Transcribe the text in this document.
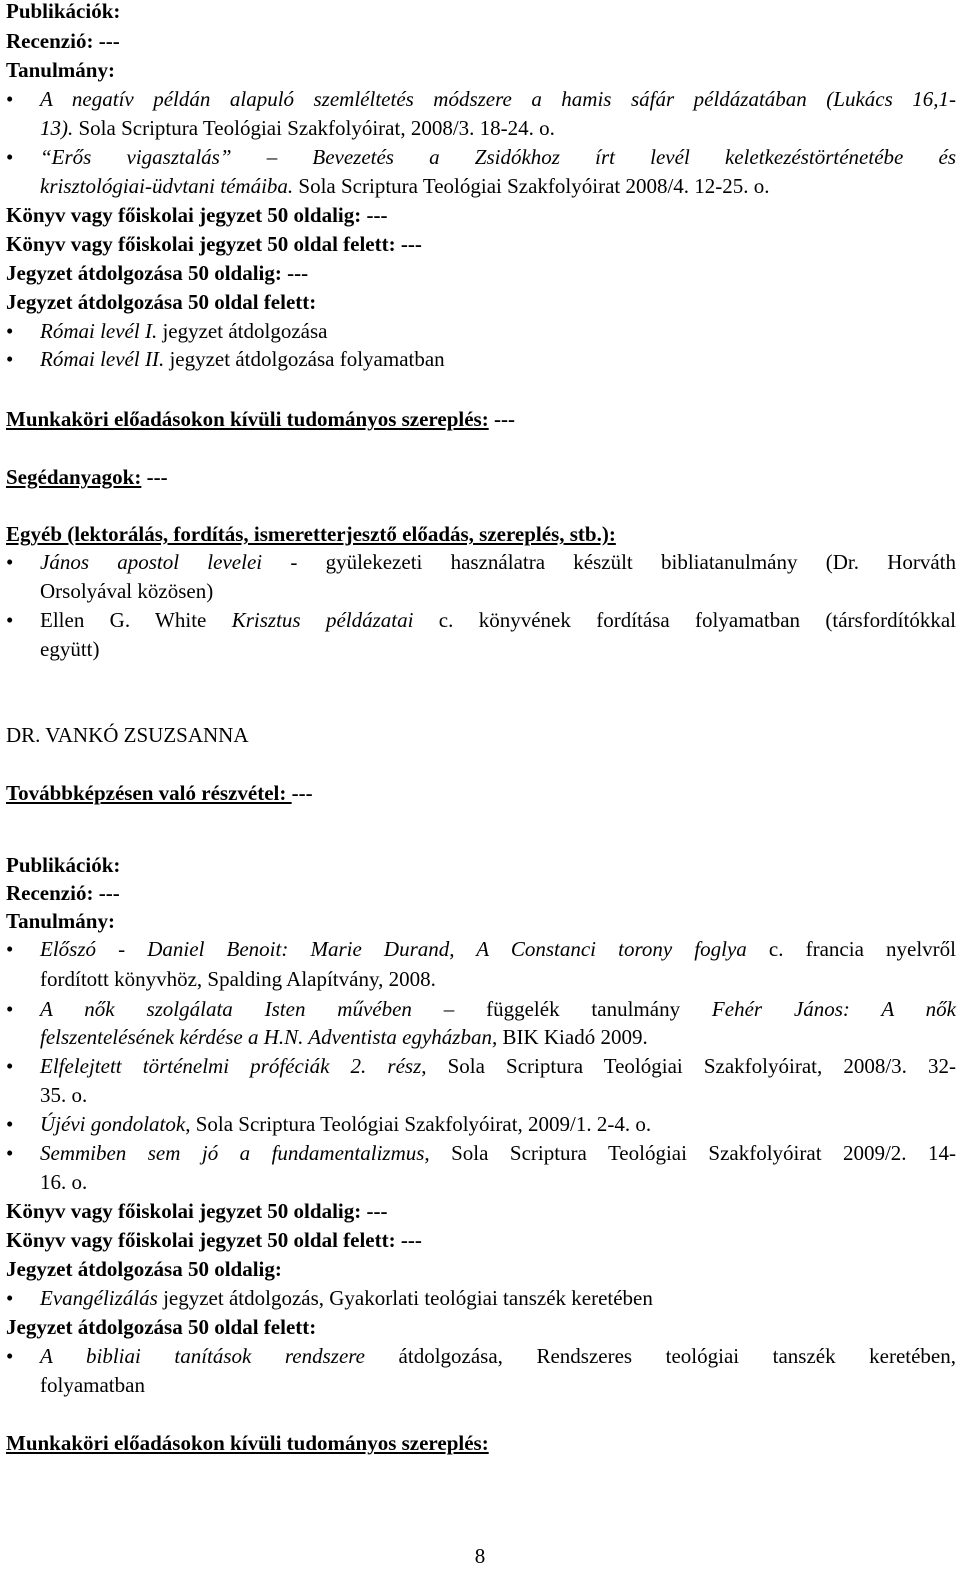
Publikációk:
Recenzió: ---
Tanulmány:
•	A negatív példán alapuló szemléltetés módszere a hamis sáfár példázatában (Lukács 16,1-
13). Sola Scriptura Teológiai Szakfolyóirat, 2008/3. 18-24. o.
•	“Erős vigasztalás” – Bevezetés a Zsidókhoz írt levél keletkezéstörténetébe és
krisztológiai-üdvtani témáiba. Sola Scriptura Teológiai Szakfolyóirat 2008/4. 12-25. o.
Könyv vagy főiskolai jegyzet 50 oldalig: ---
Könyv vagy főiskolai jegyzet 50 oldal felett: ---
Jegyzet átdolgozása 50 oldalig: ---
Jegyzet átdolgozása 50 oldal felett:
•	Római levél I. jegyzet átdolgozása
•	Római levél II. jegyzet átdolgozása folyamatban
Munkaköri előadásokon kívüli tudományos szereplés: ---
Segédanyagok: ---
Egyéb (lektorálás, fordítás, ismeretterjesztő előadás, szereplés, stb.):
•	János apostol levelei - gyülekezeti használatra készült bibliatanulmány (Dr. Horváth
Orsolyával közösen)
•	Ellen G. White Krisztus példázatai c. könyvének fordítása folyamatban (társfordítókkal
együtt)
DR. VANKÓ ZSUZSANNA
Továbbképzésen való részvétel: ---
Publikációk:
Recenzió: ---
Tanulmány:
•	Előszó - Daniel Benoit: Marie Durand, A Constanci torony foglya c. francia nyelvről
fordított könyvhöz, Spalding Alapítvány, 2008.
•	A nők szolgálata Isten művében – függelék tanulmány Fehér János: A nők
felszentelésének kérdése a H.N. Adventista egyházban, BIK Kiadó 2009.
•	Elfelejtett történelmi próféciák 2. rész, Sola Scriptura Teológiai Szakfolyóirat, 2008/3. 32-
35. o.
•	Újévi gondolatok, Sola Scriptura Teológiai Szakfolyóirat, 2009/1. 2-4. o.
•	Semmiben sem jó a fundamentalizmus, Sola Scriptura Teológiai Szakfolyóirat 2009/2. 14-
16. o.
Könyv vagy főiskolai jegyzet 50 oldalig: ---
Könyv vagy főiskolai jegyzet 50 oldal felett: ---
Jegyzet átdolgozása 50 oldalig:
•	Evangélizálás jegyzet átdolgozás, Gyakorlati teológiai tanszék keretében
Jegyzet átdolgozása 50 oldal felett:
•	A bibliai tanítások rendszere átdolgozása, Rendszeres teológiai tanszék keretében,
folyamatban
Munkaköri előadásokon kívüli tudományos szereplés:
8
